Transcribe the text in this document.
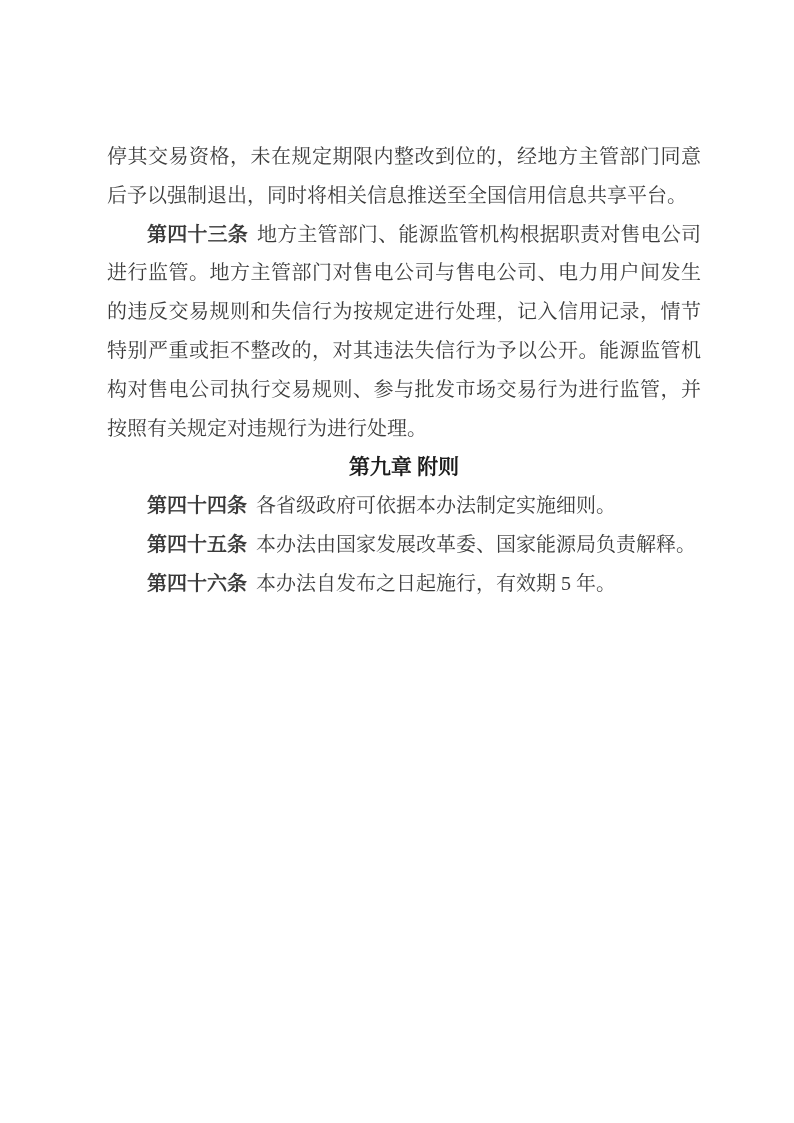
停其交易资格，未在规定期限内整改到位的，经地方主管部门同意后予以强制退出，同时将相关信息推送至全国信用信息共享平台。

第四十三条 地方主管部门、能源监管机构根据职责对售电公司进行监管。地方主管部门对售电公司与售电公司、电力用户间发生的违反交易规则和失信行为按规定进行处理，记入信用记录，情节特别严重或拒不整改的，对其违法失信行为予以公开。能源监管机构对售电公司执行交易规则、参与批发市场交易行为进行监管，并按照有关规定对违规行为进行处理。

第九章 附则

第四十四条 各省级政府可依据本办法制定实施细则。

第四十五条 本办法由国家发展改革委、国家能源局负责解释。

第四十六条 本办法自发布之日起施行，有效期 5 年。
